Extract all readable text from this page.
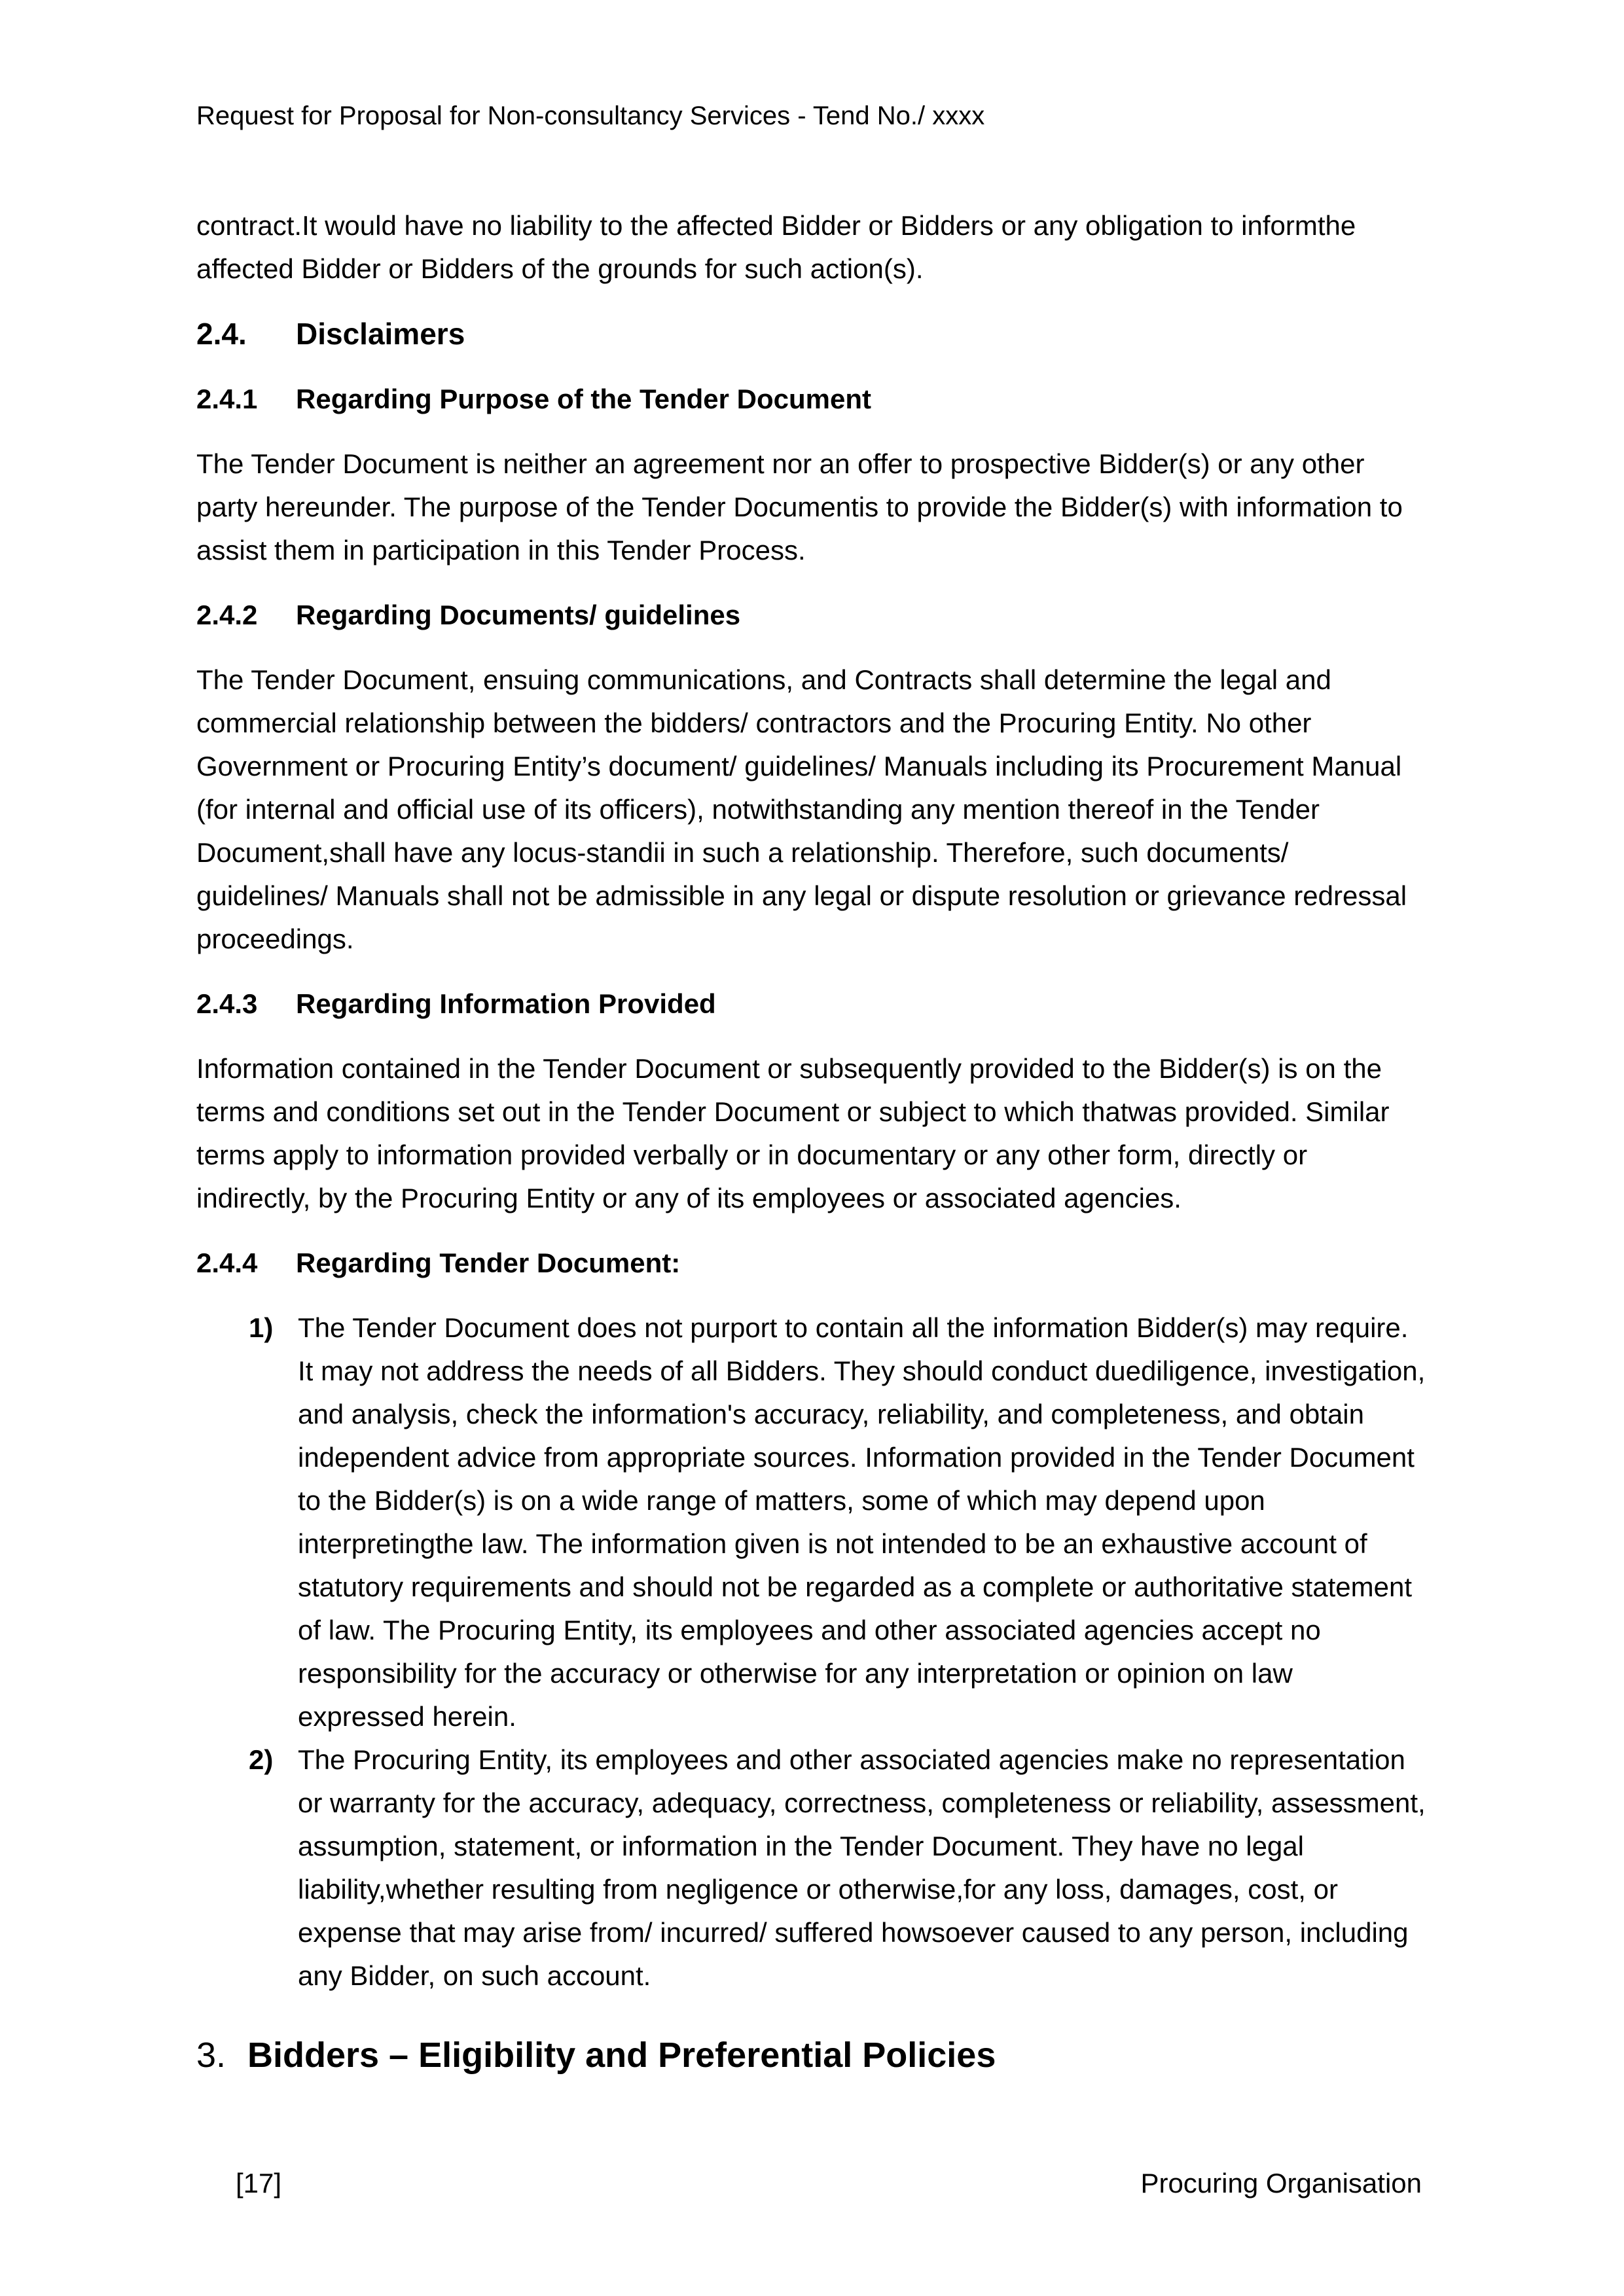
Request for Proposal for Non-consultancy Services - Tend No./ xxxx

contract.It would have no liability to the affected Bidder or Bidders or any obligation to informthe affected Bidder or Bidders of the grounds for such action(s).

2.4.	Disclaimers
2.4.1	Regarding Purpose of the Tender Document

The Tender Document is neither an agreement nor an offer to prospective Bidder(s) or any other party hereunder. The purpose of the Tender Documentis to provide the Bidder(s) with information to assist them in participation in this Tender Process.

2.4.2	Regarding Documents/ guidelines

The Tender Document, ensuing communications, and Contracts shall determine the legal and commercial relationship between the bidders/ contractors and the Procuring Entity. No other Government or Procuring Entity’s document/ guidelines/ Manuals including its Procurement Manual (for internal and official use of its officers), notwithstanding any mention thereof in the Tender Document,shall have any locus-standii in such a relationship. Therefore, such documents/ guidelines/ Manuals shall not be admissible in any legal or dispute resolution or grievance redressal proceedings.

2.4.3	Regarding Information Provided

Information contained in the Tender Document or subsequently provided to the Bidder(s) is on the terms and conditions set out in the Tender Document or subject to which thatwas provided. Similar terms apply to information provided verbally or in documentary or any other form, directly or indirectly, by the Procuring Entity or any of its employees or associated agencies.

2.4.4	Regarding Tender Document:
1) The Tender Document does not purport to contain all the information Bidder(s) may require. It may not address the needs of all Bidders. They should conduct duediligence, investigation, and analysis, check the information's accuracy, reliability, and completeness, and obtain independent advice from appropriate sources. Information provided in the Tender Document to the Bidder(s) is on a wide range of matters, some of which may depend upon interpretingthe law. The information given is not intended to be an exhaustive account of statutory requirements and should not be regarded as a complete or authoritative statement of law. The Procuring Entity, its employees and other associated agencies accept no responsibility for the accuracy or otherwise for any interpretation or opinion on law expressed herein.
2) The Procuring Entity, its employees and other associated agencies make no representation or warranty for the accuracy, adequacy, correctness, completeness or reliability, assessment, assumption, statement, or information in the Tender Document. They have no legal liability,whether resulting from negligence or otherwise,for any loss, damages, cost, or expense that may arise from/ incurred/ suffered howsoever caused to any person, including any Bidder, on such account.
3. Bidders – Eligibility and Preferential Policies
[17]	Procuring Organisation
